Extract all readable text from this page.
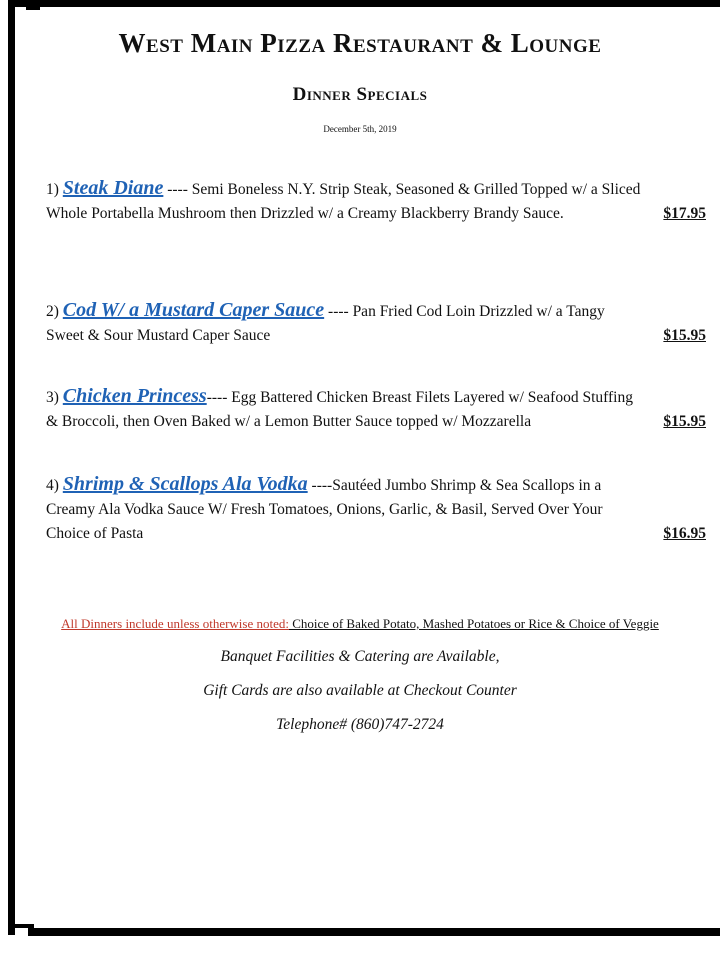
West Main Pizza Restaurant & Lounge
Dinner Specials
December 5th, 2019
1) Steak Diane ---- Semi Boneless N.Y. Strip Steak, Seasoned & Grilled Topped w/ a Sliced
Whole Portabella Mushroom then Drizzled w/ a Creamy Blackberry Brandy Sauce.	$17.95
2) Cod W/ a Mustard Caper Sauce ---- Pan Fried Cod Loin Drizzled w/ a Tangy
Sweet & Sour Mustard Caper Sauce	$15.95
3) Chicken Princess---- Egg Battered Chicken Breast Filets Layered w/ Seafood Stuffing
& Broccoli, then Oven Baked w/ a Lemon Butter Sauce topped w/ Mozzarella	$15.95
4) Shrimp & Scallops Ala Vodka ----Sautéed Jumbo Shrimp & Sea Scallops in a
Creamy Ala Vodka Sauce W/ Fresh Tomatoes, Onions, Garlic, & Basil, Served Over Your
Choice of Pasta	$16.95
All Dinners include unless otherwise noted: Choice of Baked Potato, Mashed Potatoes or Rice & Choice of Veggie
Banquet Facilities & Catering are Available,
Gift Cards are also available at Checkout Counter
Telephone# (860)747-2724
